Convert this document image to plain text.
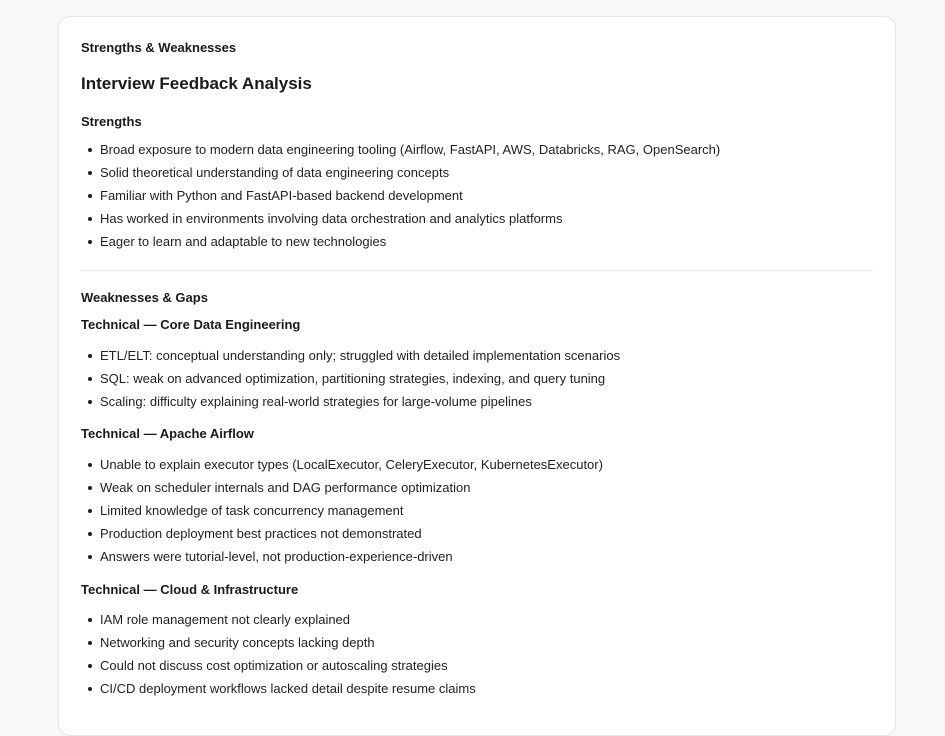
Strengths & Weaknesses
Interview Feedback Analysis
Strengths
Broad exposure to modern data engineering tooling (Airflow, FastAPI, AWS, Databricks, RAG, OpenSearch)
Solid theoretical understanding of data engineering concepts
Familiar with Python and FastAPI-based backend development
Has worked in environments involving data orchestration and analytics platforms
Eager to learn and adaptable to new technologies
Weaknesses & Gaps
Technical — Core Data Engineering
ETL/ELT: conceptual understanding only; struggled with detailed implementation scenarios
SQL: weak on advanced optimization, partitioning strategies, indexing, and query tuning
Scaling: difficulty explaining real-world strategies for large-volume pipelines
Technical — Apache Airflow
Unable to explain executor types (LocalExecutor, CeleryExecutor, KubernetesExecutor)
Weak on scheduler internals and DAG performance optimization
Limited knowledge of task concurrency management
Production deployment best practices not demonstrated
Answers were tutorial-level, not production-experience-driven
Technical — Cloud & Infrastructure
IAM role management not clearly explained
Networking and security concepts lacking depth
Could not discuss cost optimization or autoscaling strategies
CI/CD deployment workflows lacked detail despite resume claims
